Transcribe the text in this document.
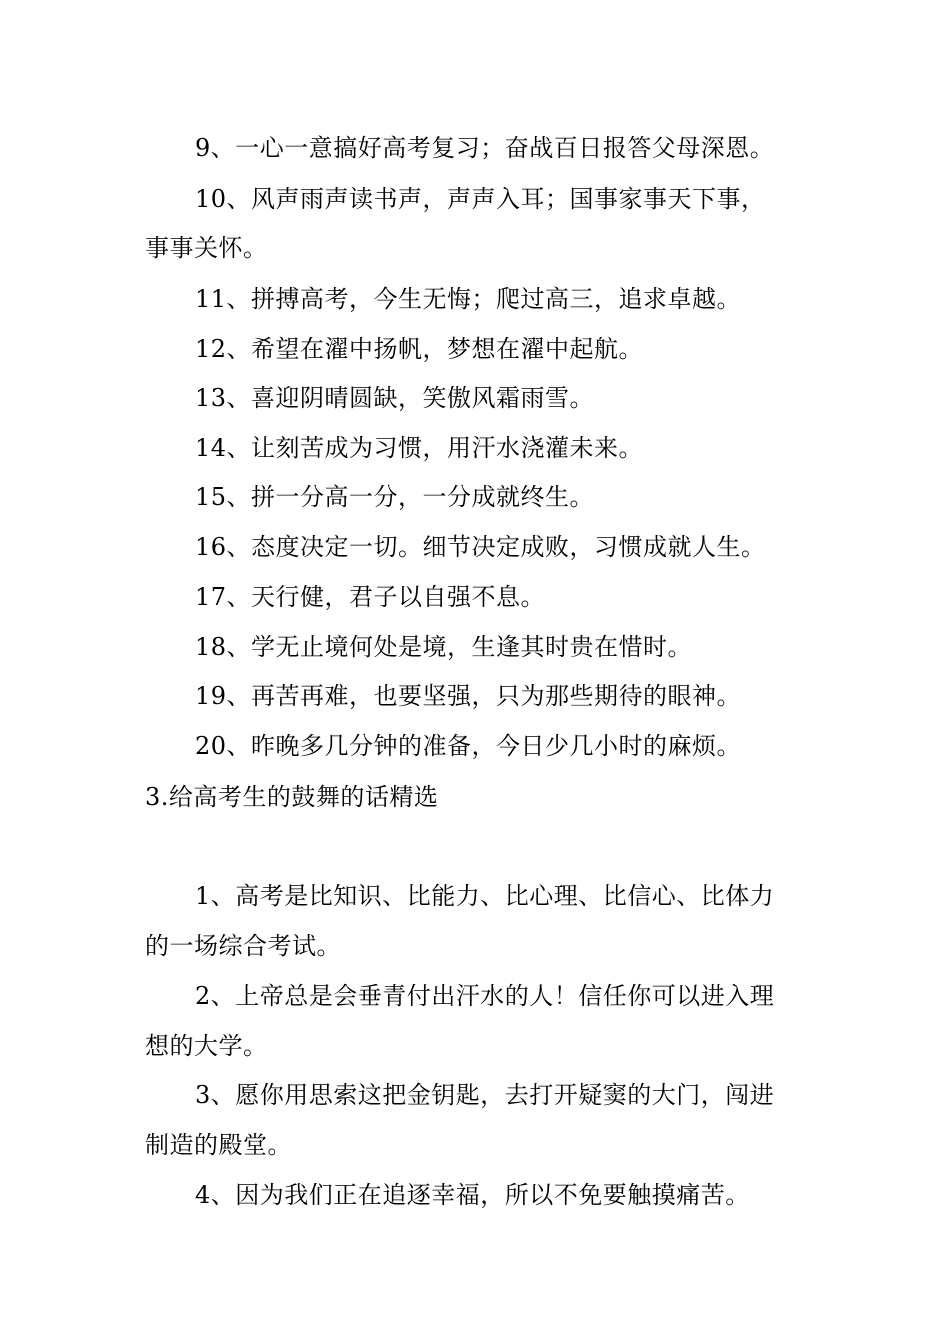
9、一心一意搞好高考复习；奋战百日报答父母深恩。
10、风声雨声读书声，声声入耳；国事家事天下事，
事事关怀。
11、拼搏高考，今生无悔；爬过高三，追求卓越。
12、希望在濯中扬帆，梦想在濯中起航。
13、喜迎阴晴圆缺，笑傲风霜雨雪。
14、让刻苦成为习惯，用汗水浇灌未来。
15、拼一分高一分，一分成就终生。
16、态度决定一切。细节决定成败，习惯成就人生。
17、天行健，君子以自强不息。
18、学无止境何处是境，生逢其时贵在惜时。
19、再苦再难，也要坚强，只为那些期待的眼神。
20、昨晚多几分钟的准备，今日少几小时的麻烦。
3.给高考生的鼓舞的话精选
1、高考是比知识、比能力、比心理、比信心、比体力
的一场综合考试。
2、上帝总是会垂青付出汗水的人！信任你可以进入理
想的大学。
3、愿你用思索这把金钥匙，去打开疑窦的大门，闯进
制造的殿堂。
4、因为我们正在追逐幸福，所以不免要触摸痛苦。
